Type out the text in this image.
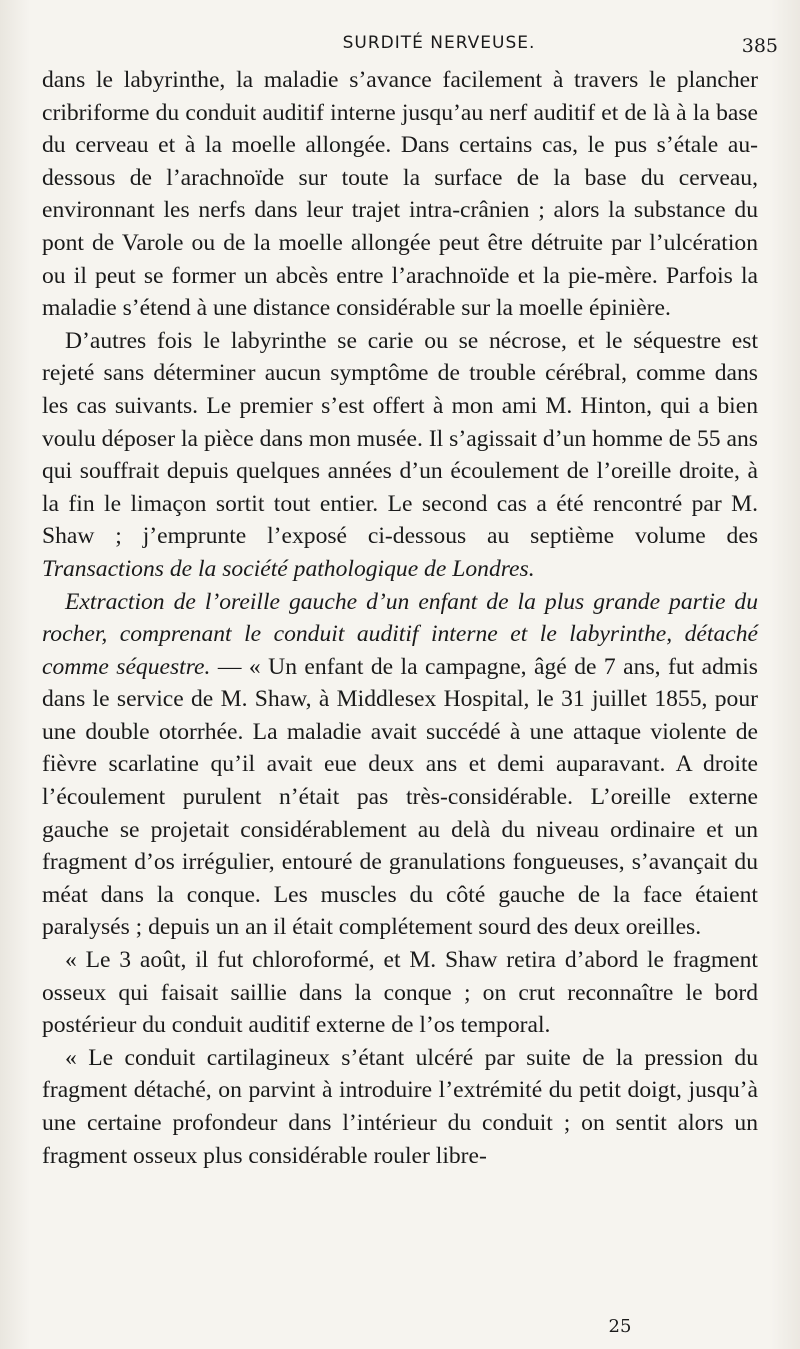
SURDITÉ NERVEUSE.	385

dans le labyrinthe, la maladie s’avance facilement à travers le plancher cribriforme du conduit auditif interne jusqu’au nerf auditif et de là à la base du cerveau et à la moelle allongée. Dans certains cas, le pus s’étale au-dessous de l’arachnoïde sur toute la surface de la base du cerveau, environnant les nerfs dans leur trajet intra-crânien ; alors la substance du pont de Varole ou de la moelle allongée peut être détruite par l’ulcération ou il peut se former un abcès entre l’arachnoïde et la pie-mère. Parfois la maladie s’étend à une distance considérable sur la moelle épinière.

D’autres fois le labyrinthe se carie ou se nécrose, et le séquestre est rejeté sans déterminer aucun symptôme de trouble cérébral, comme dans les cas suivants. Le premier s’est offert à mon ami M. Hinton, qui a bien voulu déposer la pièce dans mon musée. Il s’agissait d’un homme de 55 ans qui souffrait depuis quelques années d’un écoulement de l’oreille droite, à la fin le limaçon sortit tout entier. Le second cas a été rencontré par M. Shaw ; j’emprunte l’exposé ci-dessous au septième volume des Transactions de la société pathologique de Londres.

Extraction de l’oreille gauche d’un enfant de la plus grande partie du rocher, comprenant le conduit auditif interne et le labyrinthe, détaché comme séquestre. — « Un enfant de la campagne, âgé de 7 ans, fut admis dans le service de M. Shaw, à Middlesex Hospital, le 31 juillet 1855, pour une double otorrhée. La maladie avait succédé à une attaque violente de fièvre scarlatine qu’il avait eue deux ans et demi auparavant. A droite l’écoulement purulent n’était pas très-considérable. L’oreille externe gauche se projetait considérablement au delà du niveau ordinaire et un fragment d’os irrégulier, entouré de granulations fongueuses, s’avançait du méat dans la conque. Les muscles du côté gauche de la face étaient paralysés ; depuis un an il était complétement sourd des deux oreilles.

« Le 3 août, il fut chloroformé, et M. Shaw retira d’abord le fragment osseux qui faisait saillie dans la conque ; on crut reconnaître le bord postérieur du conduit auditif externe de l’os temporal.

« Le conduit cartilagineux s’étant ulcéré par suite de la pression du fragment détaché, on parvint à introduire l’extrémité du petit doigt, jusqu’à une certaine profondeur dans l’intérieur du conduit ; on sentit alors un fragment osseux plus considérable rouler libre-

25
